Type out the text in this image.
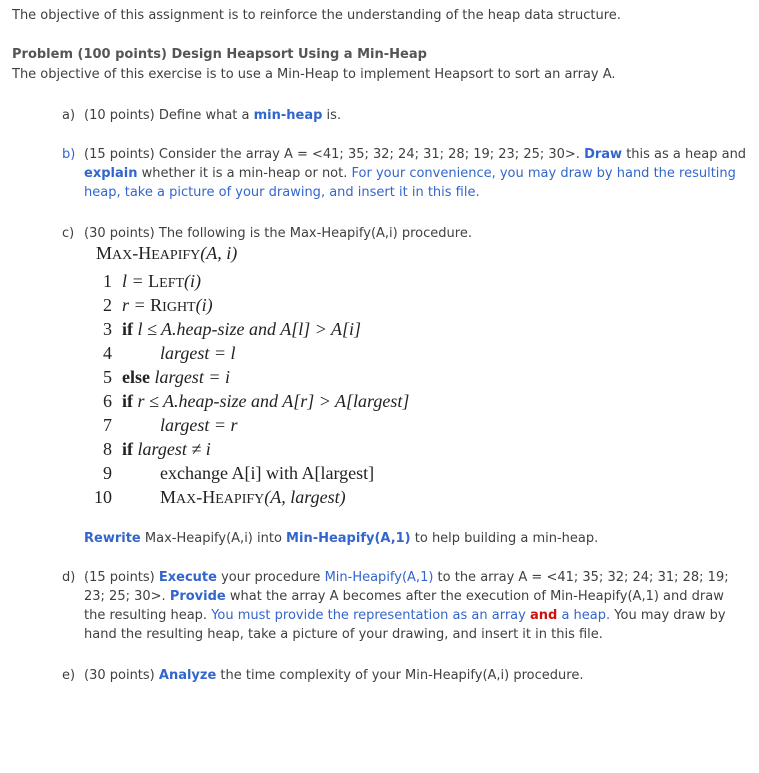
The objective of this assignment is to reinforce the understanding of the heap data structure.
Problem (100 points) Design Heapsort Using a Min-Heap
The objective of this exercise is to use a Min-Heap to implement Heapsort to sort an array A.
a) (10 points) Define what a min-heap is.
b) (15 points) Consider the array A = <41; 35; 32; 24; 31; 28; 19; 23; 25; 30>. Draw this as a heap and
explain whether it is a min-heap or not. For your convenience, you may draw by hand the resulting
heap, take a picture of your drawing, and insert it in this file.
c) (30 points) The following is the Max-Heapify(A,i) procedure.
MAX-HEAPIFY(A, i)
1 l = LEFT(i)
2 r = RIGHT(i)
3 if l ≤ A.heap-size and A[l] > A[i]
4	largest = l
5 else largest = i
6 if r ≤ A.heap-size and A[r] > A[largest]
7	largest = r
8 if largest ≠ i
9	exchange A[i] with A[largest]
10	MAX-HEAPIFY(A, largest)
Rewrite Max-Heapify(A,i) into Min-Heapify(A,1) to help building a min-heap.
d) (15 points) Execute your procedure Min-Heapify(A,1) to the array A = <41; 35; 32; 24; 31; 28; 19;
23; 25; 30>. Provide what the array A becomes after the execution of Min-Heapify(A,1) and draw
the resulting heap. You must provide the representation as an array and a heap. You may draw by
hand the resulting heap, take a picture of your drawing, and insert it in this file.
e) (30 points) Analyze the time complexity of your Min-Heapify(A,i) procedure.
